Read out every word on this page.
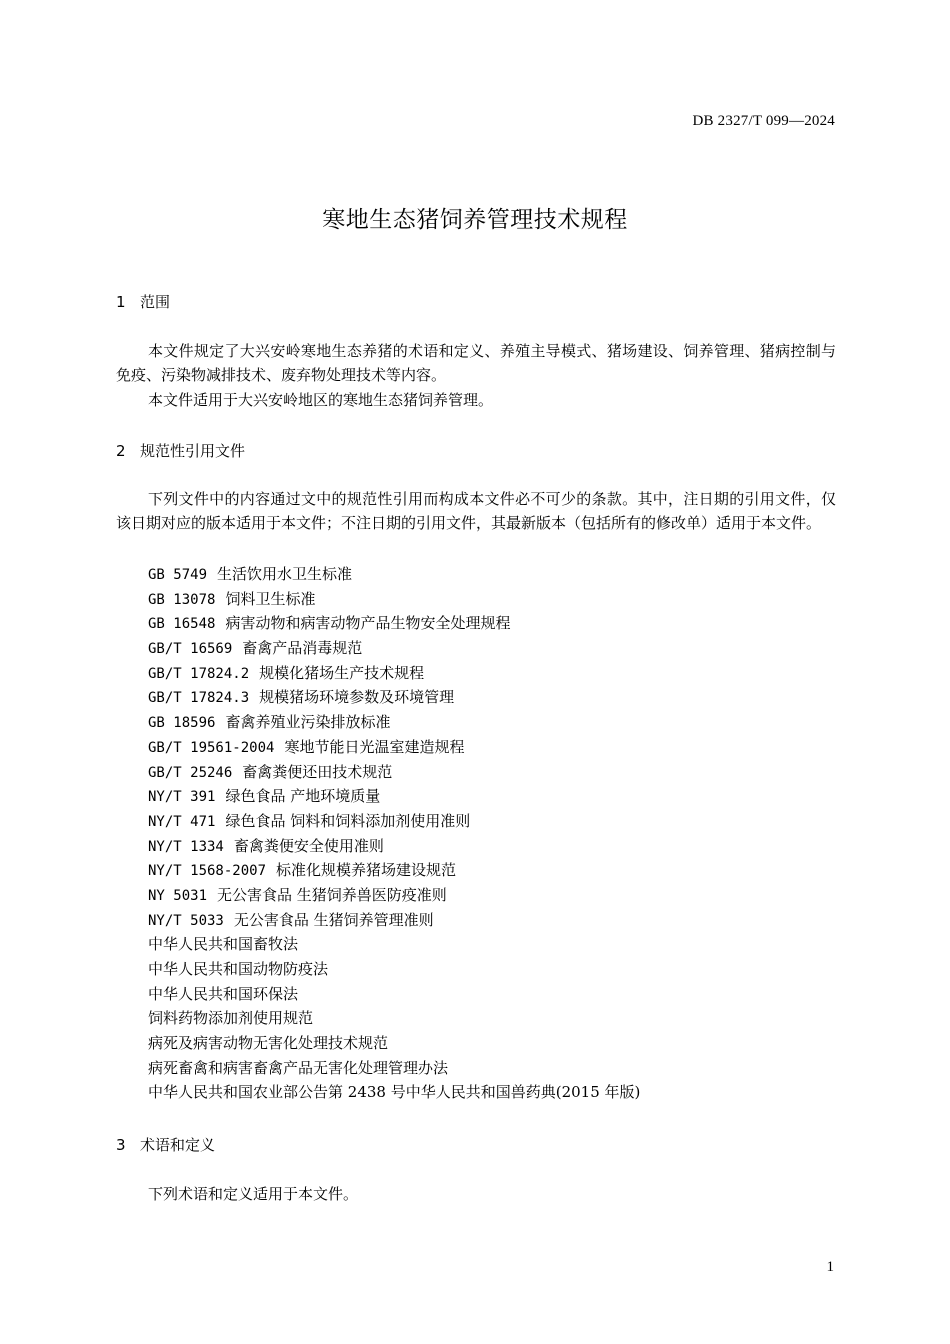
DB 2327/T 099—2024
寒地生态猪饲养管理技术规程
1 范围

本文件规定了大兴安岭寒地生态养猪的术语和定义、养殖主导模式、猪场建设、饲养管理、猪病控制与免疫、污染物减排技术、废弃物处理技术等内容。

本文件适用于大兴安岭地区的寒地生态猪饲养管理。

2 规范性引用文件

下列文件中的内容通过文中的规范性引用而构成本文件必不可少的条款。其中，注日期的引用文件，仅该日期对应的版本适用于本文件；不注日期的引用文件，其最新版本（包括所有的修改单）适用于本文件。

GB 5749 生活饮用水卫生标准
GB 13078 饲料卫生标准
GB 16548 病害动物和病害动物产品生物安全处理规程
GB/T 16569 畜禽产品消毒规范
GB/T 17824.2 规模化猪场生产技术规程
GB/T 17824.3 规模猪场环境参数及环境管理
GB 18596 畜禽养殖业污染排放标准
GB/T 19561-2004 寒地节能日光温室建造规程
GB/T 25246 畜禽粪便还田技术规范
NY/T 391 绿色食品 产地环境质量
NY/T 471 绿色食品 饲料和饲料添加剂使用准则
NY/T 1334 畜禽粪便安全使用准则
NY/T 1568-2007 标准化规模养猪场建设规范
NY 5031 无公害食品 生猪饲养兽医防疫准则
NY/T 5033 无公害食品 生猪饲养管理准则
中华人民共和国畜牧法
中华人民共和国动物防疫法
中华人民共和国环保法
饲料药物添加剂使用规范
病死及病害动物无害化处理技术规范
病死畜禽和病害畜禽产品无害化处理管理办法
中华人民共和国农业部公告第 2438 号中华人民共和国兽药典(2015 年版)
3 术语和定义

下列术语和定义适用于本文件。

1
